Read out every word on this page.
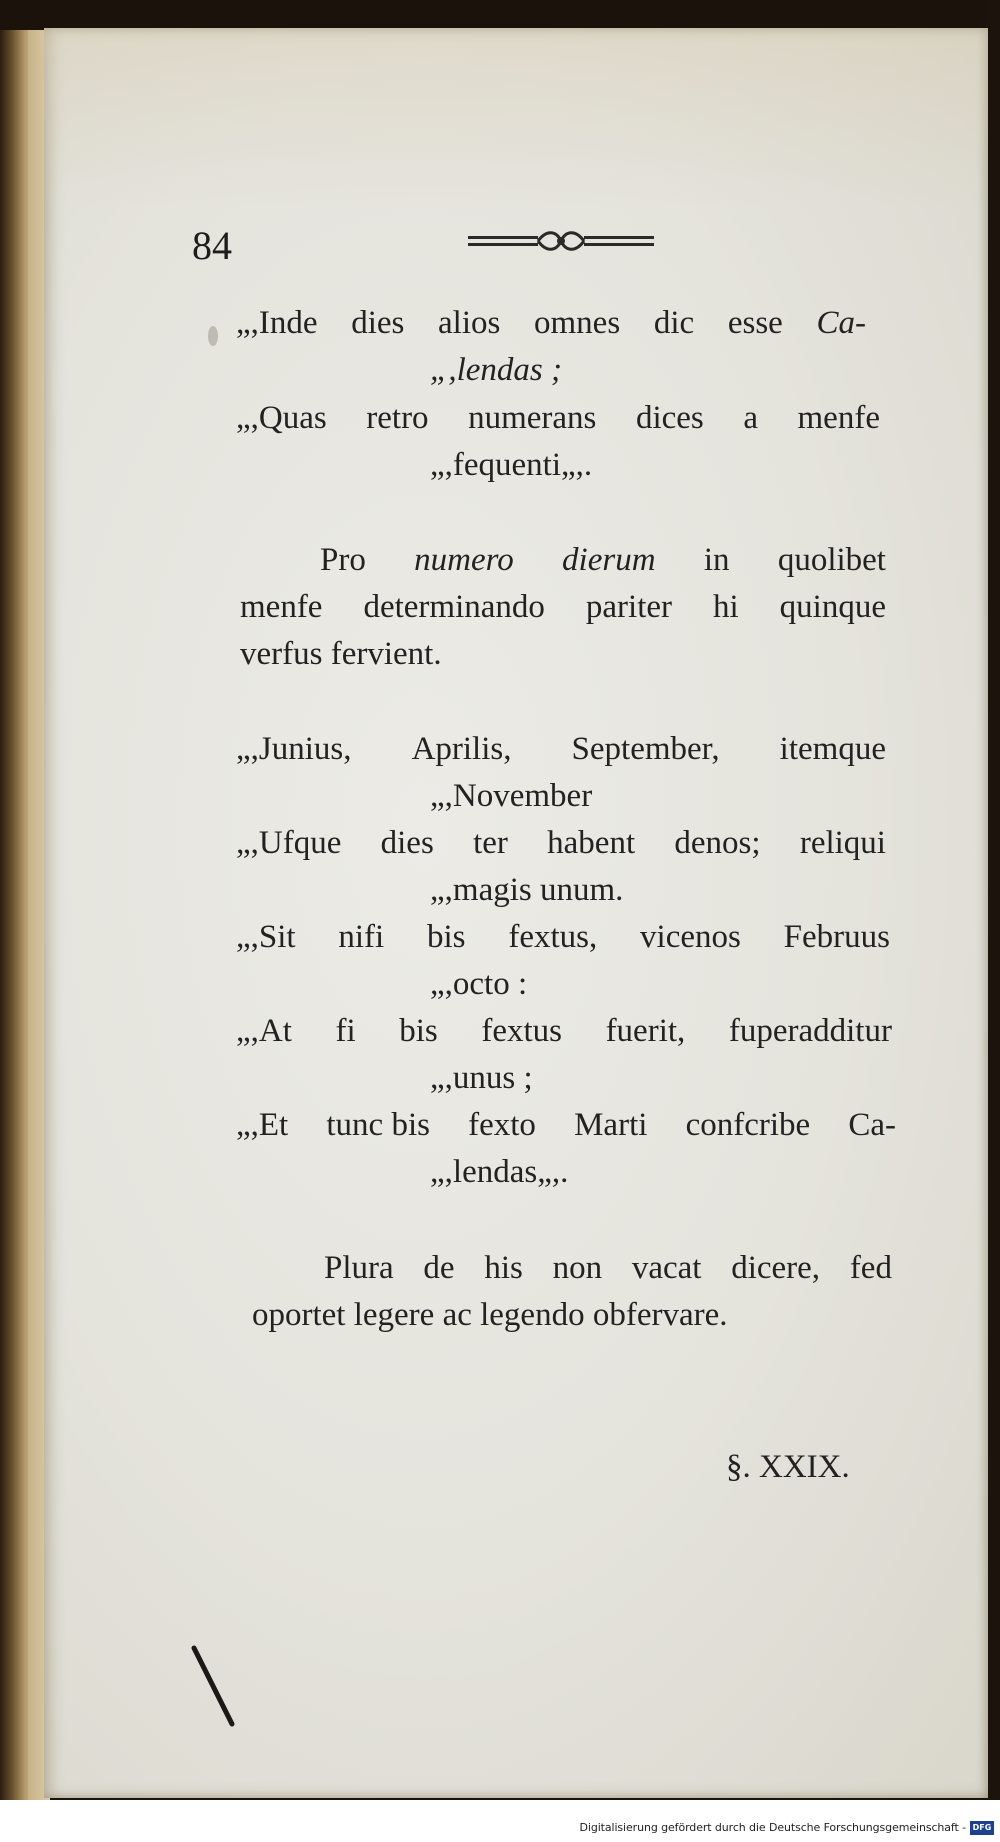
84
„,Inde dies alios omnes dic esse Ca-
„,lendas ;
„,Quas retro numerans dices a menfe
„,fequenti„,.
Pro numero dierum in quolibet
menfe determinando pariter hi quinque
verfus fervient.
„,Junius, Aprilis, September, itemque
„,November
„,Ufque dies ter habent denos; reliqui
„,magis unum.
„,Sit nifi bis fextus, vicenos Februus
„,octo :
„,At fi bis fextus fuerit, fuperadditur
„,unus ;
„,Et tunc bis fexto Marti confcribe Ca-
„,lendas„,.
Plura de his non vacat dicere, fed
oportet legere ac legendo obfervare.
§. XXIX.
Digitalisierung gefördert durch die Deutsche Forschungsgemeinschaft - DFG
